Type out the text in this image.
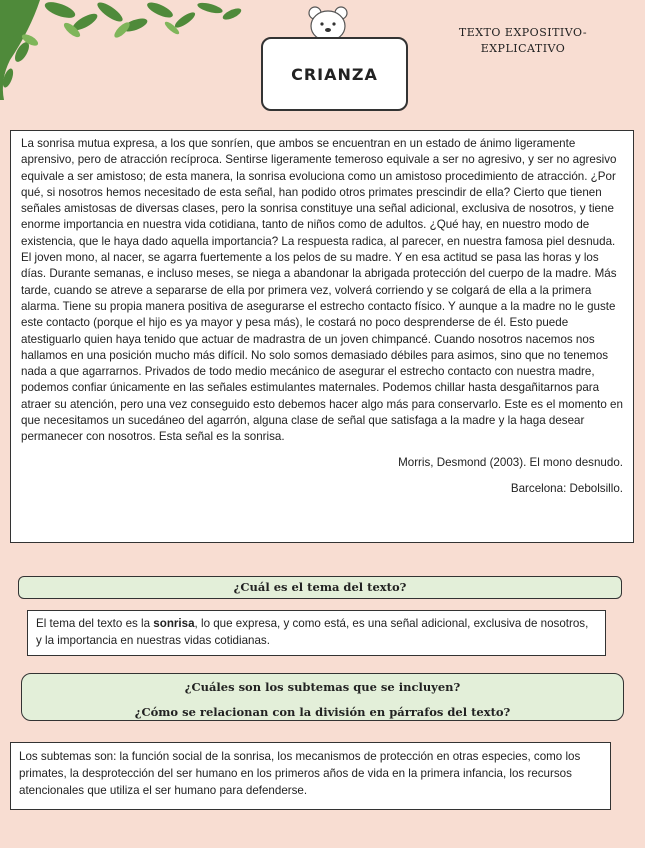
CRIANZA
TEXTO EXPOSITIVO-
EXPLICATIVO

La sonrisa mutua expresa, a los que sonríen, que ambos se encuentran en un estado de ánimo ligeramente aprensivo, pero de atracción recíproca. Sentirse ligeramente temeroso equivale a ser no agresivo, y ser no agresivo equivale a ser amistoso; de esta manera, la sonrisa evoluciona como un amistoso procedimiento de atracción. ¿Por qué, si nosotros hemos necesitado de esta señal, han podido otros primates prescindir de ella? Cierto que tienen señales amistosas de diversas clases, pero la sonrisa constituye una señal adicional, exclusiva de nosotros, y tiene enorme importancia en nuestra vida cotidiana, tanto de niños como de adultos. ¿Qué hay, en nuestro modo de existencia, que le haya dado aquella importancia? La respuesta radica, al parecer, en nuestra famosa piel desnuda. El joven mono, al nacer, se agarra fuertemente a los pelos de su madre. Y en esa actitud se pasa las horas y los días. Durante semanas, e incluso meses, se niega a abandonar la abrigada protección del cuerpo de la madre. Más tarde, cuando se atreve a separarse de ella por primera vez, volverá corriendo y se colgará de ella a la primera alarma. Tiene su propia manera positiva de asegurarse el estrecho contacto físico. Y aunque a la madre no le guste este contacto (porque el hijo es ya mayor y pesa más), le costará no poco desprenderse de él. Esto puede atestiguarlo quien haya tenido que actuar de madrastra de un joven chimpancé. Cuando nosotros nacemos nos hallamos en una posición mucho más difícil. No solo somos demasiado débiles para asimos, sino que no tenemos nada a que agarrarnos. Privados de todo medio mecánico de asegurar el estrecho contacto con nuestra madre, podemos confiar únicamente en las señales estimulantes maternales. Podemos chillar hasta desgañitarnos para atraer su atención, pero una vez conseguido esto debemos hacer algo más para conservarlo. Este es el momento en que necesitamos un sucedáneo del agarrón, alguna clase de señal que satisfaga a la madre y la haga desear permanecer con nosotros. Esta señal es la sonrisa.

Morris, Desmond (2003). El mono desnudo.
Barcelona: Debolsillo.
¿Cuál es el tema del texto?
El tema del texto es la sonrisa, lo que expresa, y como está, es una señal adicional, exclusiva de nosotros, y la importancia en nuestras vidas cotidianas.
¿Cuáles son los subtemas que se incluyen?
¿Cómo se relacionan con la división en párrafos del texto?
Los subtemas son: la función social de la sonrisa, los mecanismos de protección en otras especies, como los primates, la desprotección del ser humano en los primeros años de vida en la primera infancia, los recursos atencionales que utiliza el ser humano para defenderse.
